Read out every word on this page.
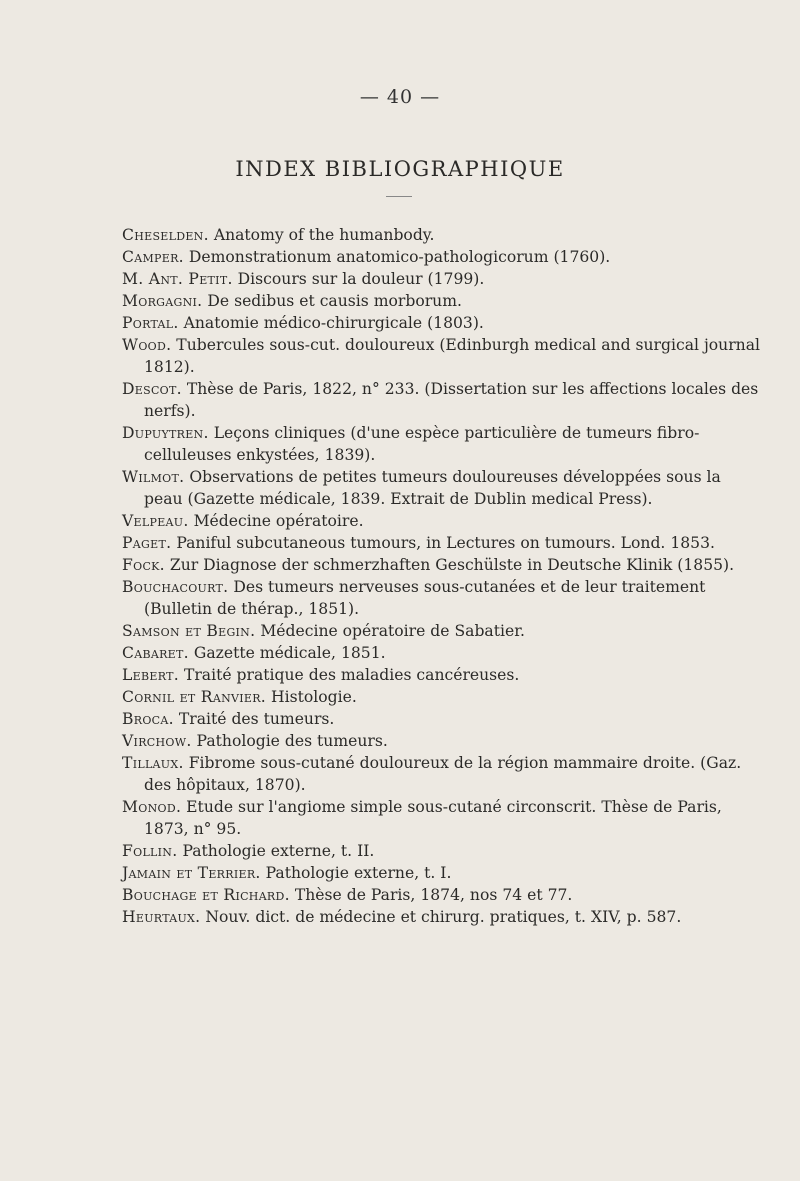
— 40 —
INDEX BIBLIOGRAPHIQUE

Cheselden. Anatomy of the humanbody.

Camper. Demonstrationum anatomico-pathologicorum (1760).

M. Ant. Petit. Discours sur la douleur (1799).

Morgagni. De sedibus et causis morborum.

Portal. Anatomie médico-chirurgicale (1803).

Wood. Tubercules sous-cut. douloureux (Edinburgh medical and surgical journal 1812).

Descot. Thèse de Paris, 1822, n° 233. (Dissertation sur les affections locales des nerfs).

Dupuytren. Leçons cliniques (d'une espèce particulière de tumeurs fibro-celluleuses enkystées, 1839).

Wilmot. Observations de petites tumeurs douloureuses développées sous la peau (Gazette médicale, 1839. Extrait de Dublin medical Press).

Velpeau. Médecine opératoire.

Paget. Paniful subcutaneous tumours, in Lectures on tumours. Lond. 1853.

Fock. Zur Diagnose der schmerzhaften Geschülste in Deutsche Klinik (1855).

Bouchacourt. Des tumeurs nerveuses sous-cutanées et de leur traitement (Bulletin de thérap., 1851).

Samson et Begin. Médecine opératoire de Sabatier.

Cabaret. Gazette médicale, 1851.

Lebert. Traité pratique des maladies cancéreuses.

Cornil et Ranvier. Histologie.

Broca. Traité des tumeurs.

Virchow. Pathologie des tumeurs.

Tillaux. Fibrome sous-cutané douloureux de la région mammaire droite. (Gaz. des hôpitaux, 1870).

Monod. Etude sur l'angiome simple sous-cutané circonscrit. Thèse de Paris, 1873, n° 95.

Follin. Pathologie externe, t. II.

Jamain et Terrier. Pathologie externe, t. I.

Bouchage et Richard. Thèse de Paris, 1874, nos 74 et 77.

Heurtaux. Nouv. dict. de médecine et chirurg. pratiques, t. XIV, p. 587.
